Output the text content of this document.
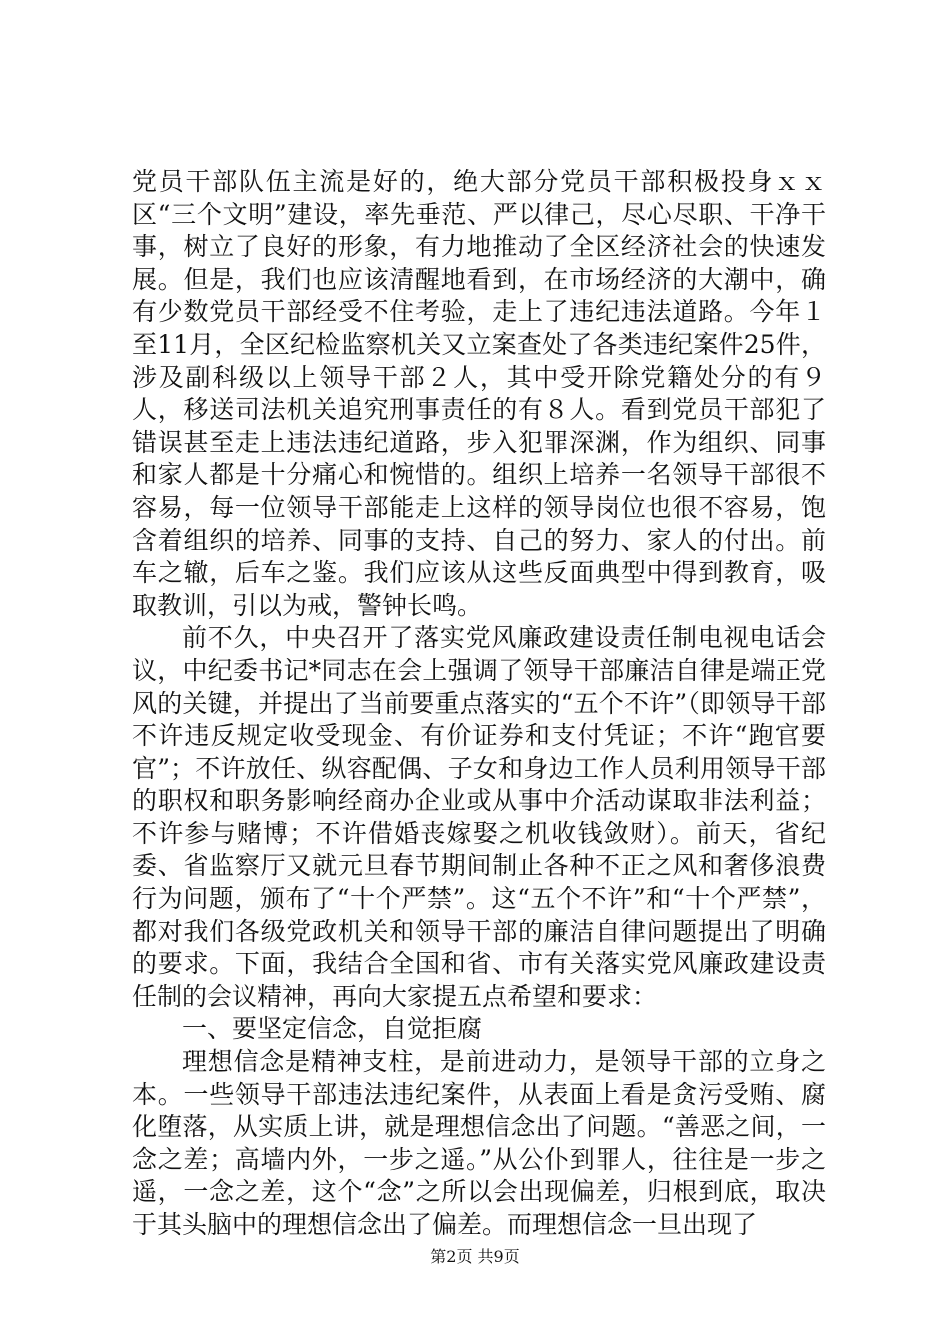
党员干部队伍主流是好的，绝大部分党员干部积极投身ｘｘ区“三个文明”建设，率先垂范、严以律己，尽心尽职、干净干事，树立了良好的形象，有力地推动了全区经济社会的快速发展。但是，我们也应该清醒地看到，在市场经济的大潮中，确有少数党员干部经受不住考验，走上了违纪违法道路。今年１至11月，全区纪检监察机关又立案查处了各类违纪案件25件，涉及副科级以上领导干部２人，其中受开除党籍处分的有９人，移送司法机关追究刑事责任的有８人。看到党员干部犯了错误甚至走上违法违纪道路，步入犯罪深渊，作为组织、同事和家人都是十分痛心和惋惜的。组织上培养一名领导干部很不容易，每一位领导干部能走上这样的领导岗位也很不容易，饱含着组织的培养、同事的支持、自己的努力、家人的付出。前车之辙，后车之鉴。我们应该从这些反面典型中得到教育，吸取教训，引以为戒，警钟长鸣。

前不久，中央召开了落实党风廉政建设责任制电视电话会议，中纪委书记*同志在会上强调了领导干部廉洁自律是端正党风的关键，并提出了当前要重点落实的“五个不许”（即领导干部不许违反规定收受现金、有价证券和支付凭证；不许“跑官要官”；不许放任、纵容配偶、子女和身边工作人员利用领导干部的职权和职务影响经商办企业或从事中介活动谋取非法利益；不许参与赌博；不许借婚丧嫁娶之机收钱敛财）。前天，省纪委、省监察厅又就元旦春节期间制止各种不正之风和奢侈浪费行为问题，颁布了“十个严禁”。这“五个不许”和“十个严禁”，都对我们各级党政机关和领导干部的廉洁自律问题提出了明确的要求。下面，我结合全国和省、市有关落实党风廉政建设责任制的会议精神，再向大家提五点希望和要求：

一、要坚定信念，自觉拒腐

理想信念是精神支柱，是前进动力，是领导干部的立身之本。一些领导干部违法违纪案件，从表面上看是贪污受贿、腐化堕落，从实质上讲，就是理想信念出了问题。“善恶之间，一念之差；高墙内外，一步之遥。”从公仆到罪人，往往是一步之遥，一念之差，这个“念”之所以会出现偏差，归根到底，取决于其头脑中的理想信念出了偏差。而理想信念一旦出现了

第2页 共9页
